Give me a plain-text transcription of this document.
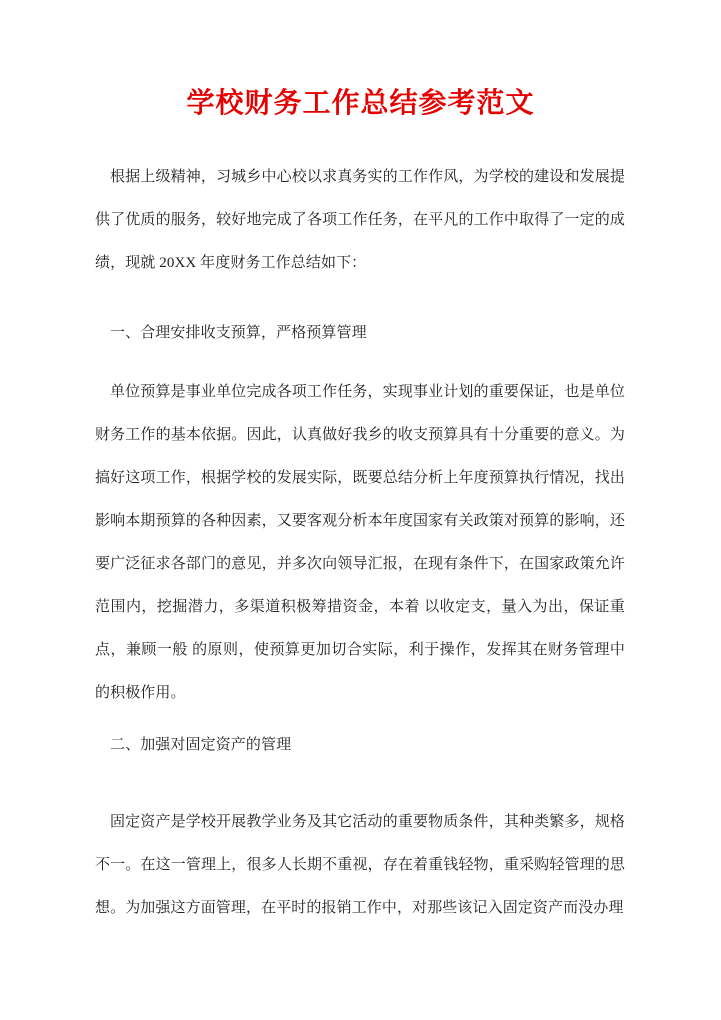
学校财务工作总结参考范文
根据上级精神，习城乡中心校以求真务实的工作作风，为学校的建设和发展提供了优质的服务，较好地完成了各项工作任务，在平凡的工作中取得了一定的成绩，现就 20XX 年度财务工作总结如下：
一、合理安排收支预算，严格预算管理
单位预算是事业单位完成各项工作任务，实现事业计划的重要保证，也是单位财务工作的基本依据。因此，认真做好我乡的收支预算具有十分重要的意义。为搞好这项工作，根据学校的发展实际，既要总结分析上年度预算执行情况，找出影响本期预算的各种因素，又要客观分析本年度国家有关政策对预算的影响，还要广泛征求各部门的意见，并多次向领导汇报，在现有条件下，在国家政策允许范围内，挖掘潜力，多渠道积极筹措资金，本着 以收定支，量入为出，保证重点，兼顾一般 的原则，使预算更加切合实际，利于操作，发挥其在财务管理中的积极作用。
二、加强对固定资产的管理
固定资产是学校开展教学业务及其它活动的重要物质条件，其种类繁多，规格不一。在这一管理上，很多人长期不重视，存在着重钱轻物，重采购轻管理的思想。为加强这方面管理，在平时的报销工作中，对那些该记入固定资产而没办理
